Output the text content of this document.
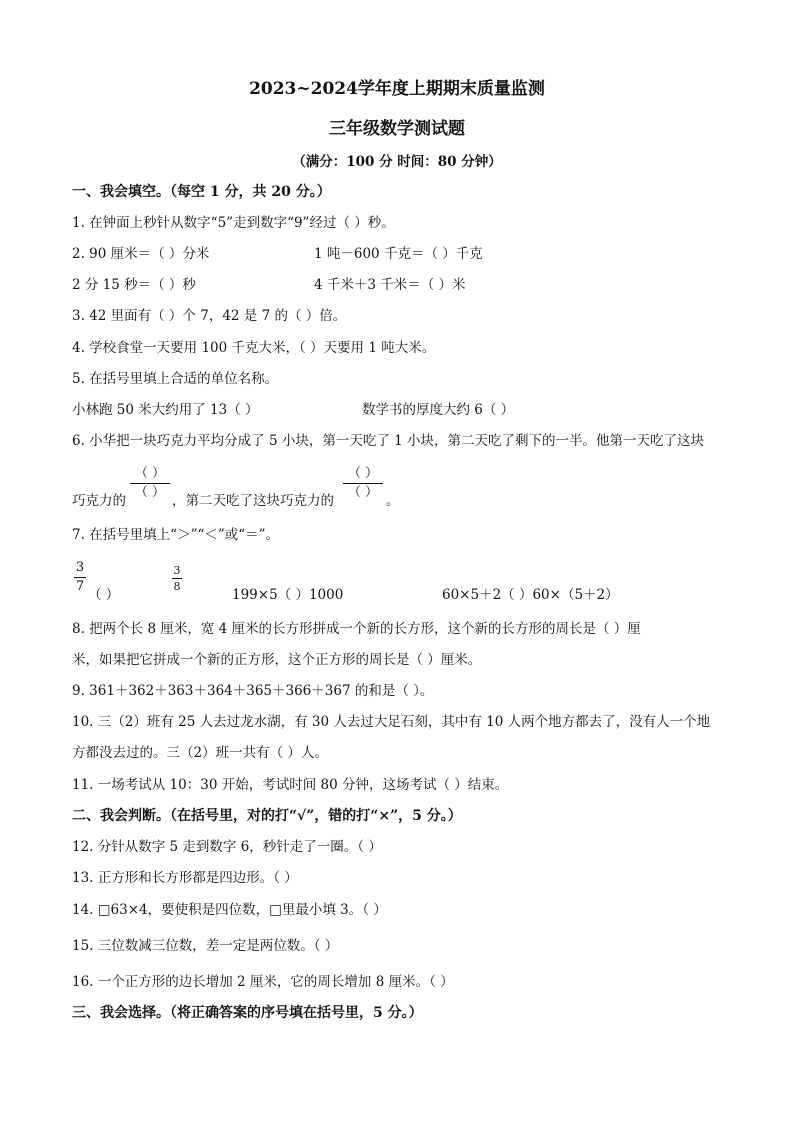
2023~2024学年度上期期末质量监测
三年级数学测试题
（满分：100 分 时间：80 分钟）
一、我会填空。（每空 1 分，共 20 分。）
1. 在钟面上秒针从数字“5”走到数字“9”经过（ ）秒。
2. 90 厘米＝（ ）分米	1 吨－600 千克＝（ ）千克
2 分 15 秒＝（ ）秒	4 千米＋3 千米＝（ ）米
3. 42 里面有（ ）个 7，42 是 7 的（ ）倍。
4. 学校食堂一天要用 100 千克大米，（ ）天要用 1 吨大米。
5. 在括号里填上合适的单位名称。
小林跑 50 米大约用了 13（ ）	数学书的厚度大约 6（ ）
6. 小华把一块巧克力平均分成了 5 小块，第一天吃了 1 小块，第二天吃了剩下的一半。他第一天吃了这块
（ ）
（ ）
（ ）
（ ）
巧克力的	，第二天吃了这块巧克力的	。
7. 在括号里填上“＞”“＜”或“＝”。
3
7
（ ）
3
8
199×5（ ）1000	60×5＋2（ ）60×（5＋2）
8. 把两个长 8 厘米，宽 4 厘米的长方形拼成一个新的长方形，这个新的长方形的周长是（ ）厘
米，如果把它拼成一个新的正方形，这个正方形的周长是（ ）厘米。
9. 361＋362＋363＋364＋365＋366＋367 的和是（ ）。
10. 三（2）班有 25 人去过龙水湖，有 30 人去过大足石刻，其中有 10 人两个地方都去了，没有人一个地
方都没去过的。三（2）班一共有（ ）人。
11. 一场考试从 10：30 开始，考试时间 80 分钟，这场考试（ ）结束。
二、我会判断。（在括号里，对的打“√”，错的打“×”，5 分。）
12. 分针从数字 5 走到数字 6，秒针走了一圈。（ ）
13. 正方形和长方形都是四边形。（ ）
14. □63×4，要使积是四位数，□里最小填 3。（ ）
15. 三位数减三位数，差一定是两位数。（ ）
16. 一个正方形的边长增加 2 厘米，它的周长增加 8 厘米。（ ）
三、我会选择。（将正确答案的序号填在括号里，5 分。）
